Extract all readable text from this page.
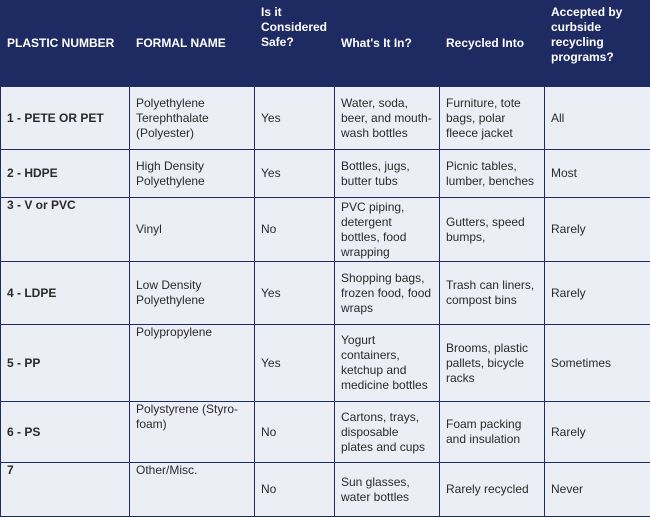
PLASTIC NUMBER	FORMAL NAME	Is it Considered Safe?	What's It In?	Recycled Into	Accepted by curbside recycling programs?
1 - PETE OR PET	Polyethylene Terephthalate (Polyester)	Yes	Water, soda, beer, and mouth-wash bottles	Furniture, tote bags, polar fleece jacket	All
2 - HDPE	High Density Polyethylene	Yes	Bottles, jugs, butter tubs	Picnic tables, lumber, benches	Most
3 - V or PVC	Vinyl	No	PVC piping, detergent bottles, food wrapping	Gutters, speed bumps,	Rarely
4 - LDPE	Low Density Polyethylene	Yes	Shopping bags, frozen food, food wraps	Trash can liners, compost bins	Rarely
5 - PP	Polypropylene	Yes	Yogurt containers, ketchup and medicine bottles	Brooms, plastic pallets, bicycle racks	Sometimes
6 - PS	Polystyrene (Styro-foam)	No	Cartons, trays, disposable plates and cups	Foam packing and insulation	Rarely
7	Other/Misc.	No	Sun glasses, water bottles	Rarely recycled	Never
